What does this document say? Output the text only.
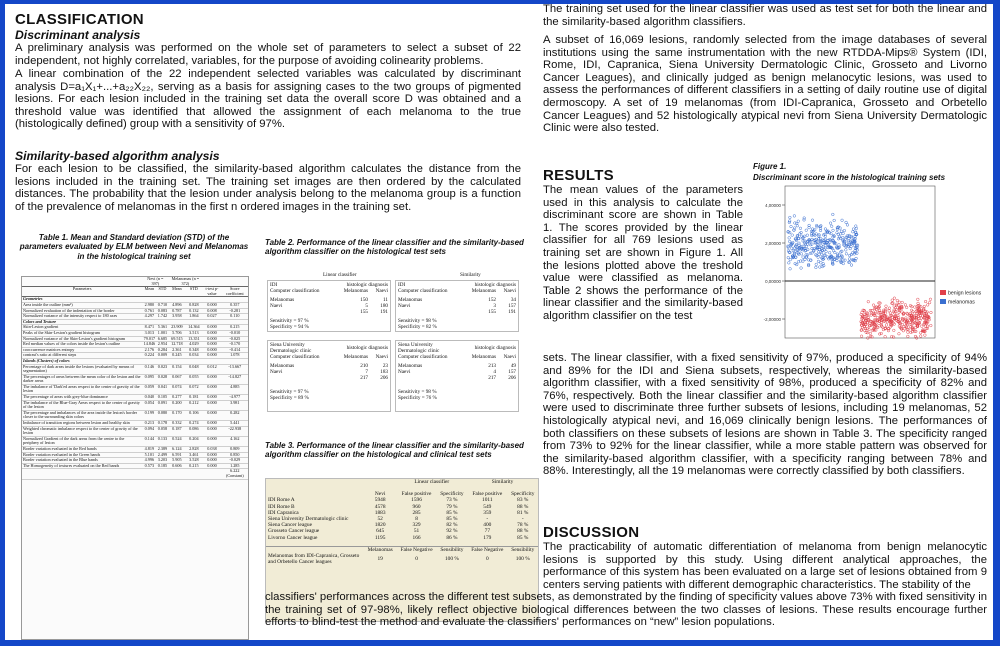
CLASSIFICATION
Discriminant analysis
A preliminary analysis was performed on the whole set of parameters to select a subset of 22 independent, not highly correlated, variables, for the purpose of avoiding colinearity problems.
A linear combination of the 22 independent selected variables was calculated by discriminant analysis D=a₁X₁+...+a₂₂X₂₂, serving as a basis for assigning cases to the two groups of pigmented lesions. For each lesion included in the training set data the overall score D was obtained and a threshold value was identified that allowed the assignment of each melanoma to the true (histologically defined) group with a sensitivity of 97%.
Similarity-based algorithm analysis
For each lesion to be classified, the similarity-based algorithm calculates the distance from the lesions included in the training set. The training set images are then ordered by the calculated distances. The probability that the lesion under analysis belong to the melanoma group is a function of the prevalence of melanomas in the first n ordered images in the training set.
Table 1. Mean and Standard deviation (STD) of the parameters evaluated by ELM between Nevi and Melanomas in the histological training set
	Nevi (n = 397)		Melanomas (n = 372)			
Parameters	Mean	STD	Mean	STD	t-test p-value	Score coefficient
Geometries						
Area inside the outline (mm²)	2.980	0.710	4.896	0.828	0.000	0.357
Normalized evaluation of the indentation of the border	0.761	0.083	0.787	0.132	0.008	-0.281
Normalized variance of the intensity respect to 180 axes	4.297	1.742	3.958	1.864	0.027	0.110
Colors and Texture						
Skin-Lesion gradient	8.471	5.361	23.909	14.364	0.000	0.215
Peaks of the Skin-Lesion's gradient histogram	3.013	1.001	5.706	3.513	0.000	-0.010
Normalized variance of the Skin-Lesion's gradient histogram	79.017	6.685	69.515	13.351	0.000	-0.025
Red median values of the colors inside the lesion's outline	14.846	2.954	12.718	4.029	0.000	-0.170
cooccurrence matrices entropy	2.176	0.284	2.361	0.348	0.000	-0.414
contrast's ratio at different steps	0.224	0.009	0.245	0.034	0.000	1.078
Islands (Clusters) of colors						
Percentage of dark areas inside the lesions (evaluated by means of segmentation)	0.146	0.023	0.154	0.048	0.012	-13.667
The percentages of areas between the mean color of the lesion and the darker areas	0.095	0.028	0.067	0.055	0.000	-14.827
The imbalance of 'Dark'ed areas respect to the center of gravity of the lesion	0.059	0.041	0.074	0.072	0.000	4.885
The percentage of areas with grey-blue dominance	0.040	0.105	0.277	0.181	0.000	-4.977
The imbalance of the Blue-Gray Areas respect to the center of gravity of the lesion	0.054	0.091	0.200	0.212	0.000	3.981
The percentage and imbalances of the area inside the lesion's border closer to the surrounding skin colors	0.199	0.080	0.170	0.106	0.000	0.282
Imbalance of transition regions between lesion and healthy skin	0.213	0.178	0.332	0.274	0.000	5.441
Weighted chromatic imbalance respect to the center of gravity of the lesion	0.094	0.058	0.187	0.086	0.000	-22.938
Normalized Gradient of the dark areas from the centre to the periphery of lesion	0.144	0.133	0.524	0.204	0.000	4.162
Border variation evaluated in the Red bands	4.819	2.389	6.124	2.828	0.038	0.809
Border variation evaluated in the Green bands	5.101	2.499	6.591	3.461	0.000	0.850
Border variation evaluated in the Blue bands	4.996	3.203	5.905	3.528	0.000	-0.029
The Homogeneity of textures evaluated on the Red bands	0.573	0.185	0.606	0.215	0.000	1.285
						6.222 (Constant)
Table 2. Performance of the linear classifier and the similarity-based algorithm classifier on the histological test sets
Linear classifier	Similarity
IDI	histologic diagnosis	
Computer classification	Melanomas	Naevi

Melanomas	150	11
Naevi	5	180
	155	191

Sensitivity = 97 %		
Specificity = 94 %		
IDI	histologic diagnosis	
Computer classification	Melanomas	Naevi

Melanomas	152	34
Naevi	3	157
	155	191

Sensitivity = 98 %		
Specificity = 82 %		
Siena University Dermatologic clinic	histologic diagnosis	
Computer classification	Melanomas	Naevi

Melanomas	210	23
Naevi	7	183
	217	206

Sensitivity = 97 %		
Specificity = 89 %		
Siena University Dermatologic clinic	histologic diagnosis	
Computer classification	Melanomas	Naevi

Melanomas	213	49
Naevi	4	157
	217	206

Sensitivity = 98 %		
Specificity = 76 %		
Table 3. Performance of the linear classifier and the similarity-based algorithm classifier on the histological and clinical test sets
		Linear classifier		Similarity	

	Nevi	False positive	Specificity	False positive	Specificity
IDI Rome A	5948	1596	73 %	1011	83 %
IDI Rome B	4578	960	79 %	549	88 %
IDI Capranica	1883	285	85 %	359	81 %
Siena University Dermatologic clinic	52	8	85 %	-	-
Siena Cancer league	1820	329	82 %	400	78 %
Grosseto Cancer league	645	51	92 %	77	88 %
Livorno Cancer league	1195	166	86 %	179	85 %

	Melanomas	False Negative	Sensibility	False Negative	Sensibility
Melanomas from IDI-Capranica, Grosseto and Orbetello Cancer leagues	19	0	100 %	0	100 %
The training set used for the linear classifier was used as test set for both the linear and the similarity-based algorithm classifiers.
A subset of 16,069 lesions, randomly selected from the image databases of several institutions using the same instrumentation with the new RTDDA-Mips® System (IDI, Rome, IDI, Capranica, Siena University Dermatologic Clinic, Grosseto and Livorno Cancer Leagues), and clinically judged as benign melanocytic lesions, was used to assess the performances of different classifiers in a setting of daily routine use of digital dermoscopy. A set of 19 melanomas (from IDI-Capranica, Grosseto and Orbetello Cancer Leagues) and 52 histologically atypical nevi from Siena University Dermatologic Clinic were also tested.
RESULTS
The mean values of the parameters used in this analysis to calculate the discriminant score are shown in Table 1. The scores provided by the linear classifier for all 769 lesions used as training set are shown in Figure 1. All the lesions plotted above the treshold value were classified as melanoma. Table 2 shows the performance of the linear classifier and the similarity-based algorithm classifier on the test
sets. The linear classifier, with a fixed sensitivity of 97%, produced a specificity of 94% and 89% for the IDI and Siena subsets, respectively, whereas the similarity-based algorithm classifier, with a fixed sensitivity of 98%, produced a specificity of 82% and 76%, respectively. Both the linear classifier and the similarity-based algorithm classifier were used to discriminate three further subsets of lesions, including 19 melanomas, 52 histologically atypical nevi, and 16,069 clinically benign lesions. The performances of both classifiers on these subsets of lesions are shown in Table 3. The specificity ranged from 73% to 92% for the linear classifier, while a more stable pattern was observed for the similarity-based algorithm classifier, with a specificity ranging between 78% and 88%. Interestingly, all the 19 melanomas were correctly classified by both classifiers.
Figure 1.
Discriminant score in the histological training sets
4,00000
2,00000
0,00000
-2,00000
benign lesions
melanomas
DISCUSSION
The practicability of automatic differentiation of melanoma from benign melanocytic lesions is supported by this study. Using different analytical approaches, the performance of this system has been evaluated on a large set of lesions obtained from 9 centers serving patients with different demographic characteristics. The stability of the
classifiers' performances across the different test subsets, as demonstrated by the finding of specificity values above 73% with fixed sensitivity in the training set of 97-98%, likely reflect objective biological differences between the two classes of lesions. These results encourage further efforts to blind-test the method and evaluate the classifiers' performances on “new” lesion populations.
